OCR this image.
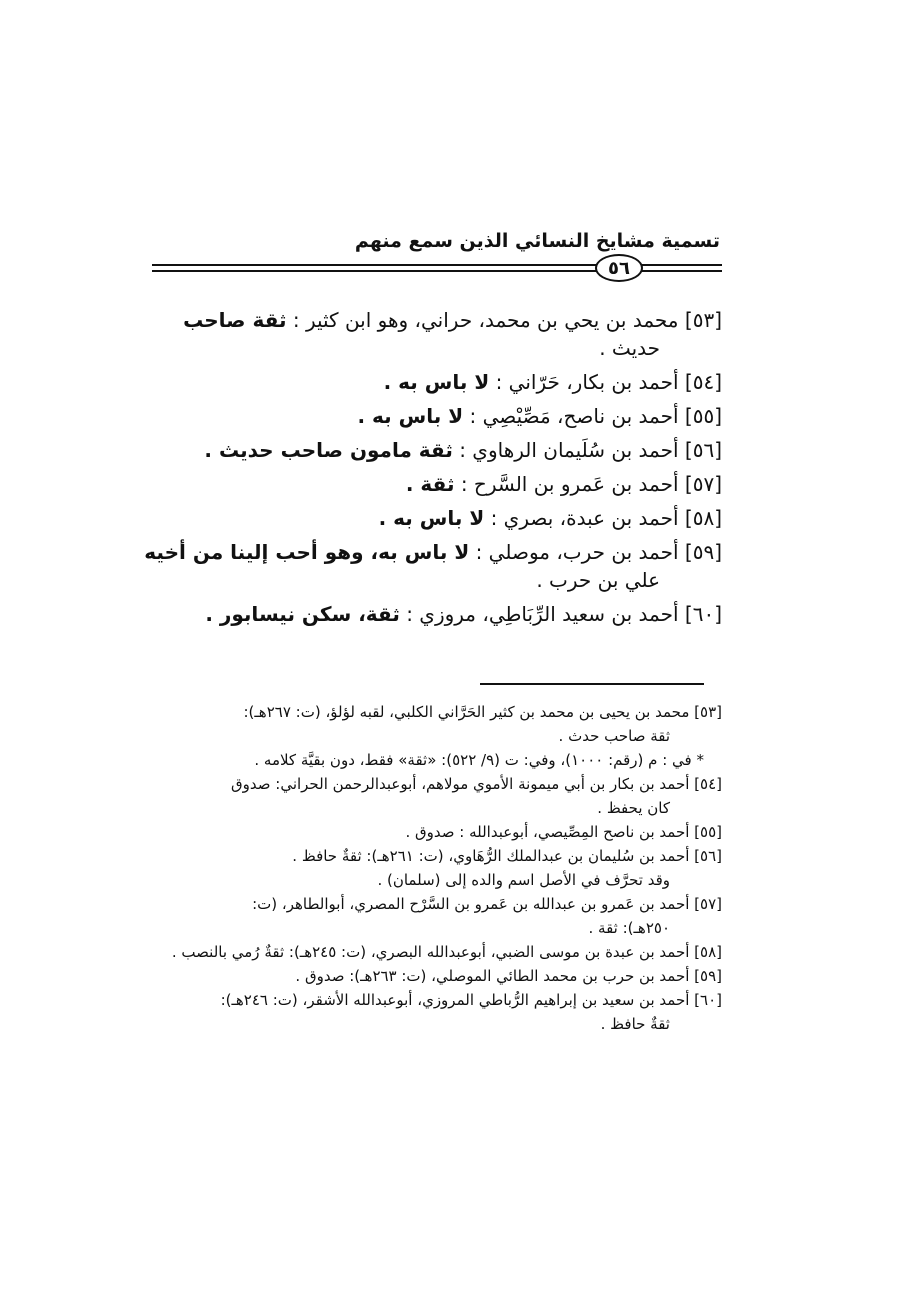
تسمية مشايخ النسائي الذين سمع منهم
٥٦

[٥٣] محمد بن يحي بن محمد، حراني، وهو ابن كثير : ثقة صاحب
حديث .

[٥٤] أحمد بن بكار، حَرّاني : لا باس به .

[٥٥] أحمد بن ناصح، مَصِّيْصِي : لا باس به .

[٥٦] أحمد بن سُلَيمان الرهاوي : ثقة مامون صاحب حديث .

[٥٧] أحمد بن عَمرو بن السَّرح : ثقة .

[٥٨] أحمد بن عبدة، بصري : لا باس به .

[٥٩] أحمد بن حرب، موصلي : لا باس به، وهو أحب إلينا من أخيه
علي بن حرب .

[٦٠] أحمد بن سعيد الرِّبَاطِي، مروزي : ثقة، سكن نيسابور .

[٥٣] محمد بن يحيى بن محمد بن كثير الحَرَّاني الكلبي، لقبه لؤلؤ، (ت: ٢٦٧هـ):
ثقة صاحب حدث .

* في : م (رقم: ١٠٠٠)، وفي: ت (٩/ ٥٢٢): «ثقة» فقط، دون بقيَّة كلامه .

[٥٤] أحمد بن بكار بن أبي ميمونة الأموي مولاهم، أبوعبدالرحمن الحراني: صدوق
كان يحفظ .

[٥٥] أحمد بن ناصح المِصِّيصي، أبوعبدالله : صدوق .

[٥٦] أحمد بن سُليمان بن عبدالملك الرُّهَاوي، (ت: ٢٦١هـ): ثقةٌ حافظ .
وقد تحرَّف في الأصل اسم والده إلى (سلمان) .

[٥٧] أحمد بن عَمرو بن عبدالله بن عَمرو بن السَّرْح المصري، أبوالطاهر، (ت:
٢٥٠هـ): ثقة .

[٥٨] أحمد بن عبدة بن موسى الضبي، أبوعبدالله البصري، (ت: ٢٤٥هـ): ثقةٌ رُمي بالنصب .

[٥٩] أحمد بن حرب بن محمد الطائي الموصلي، (ت: ٢٦٣هـ): صدوق .

[٦٠] أحمد بن سعيد بن إبراهيم الرُّباطي المروزي، أبوعبدالله الأشقر، (ت: ٢٤٦هـ):
ثقةٌ حافظ .
